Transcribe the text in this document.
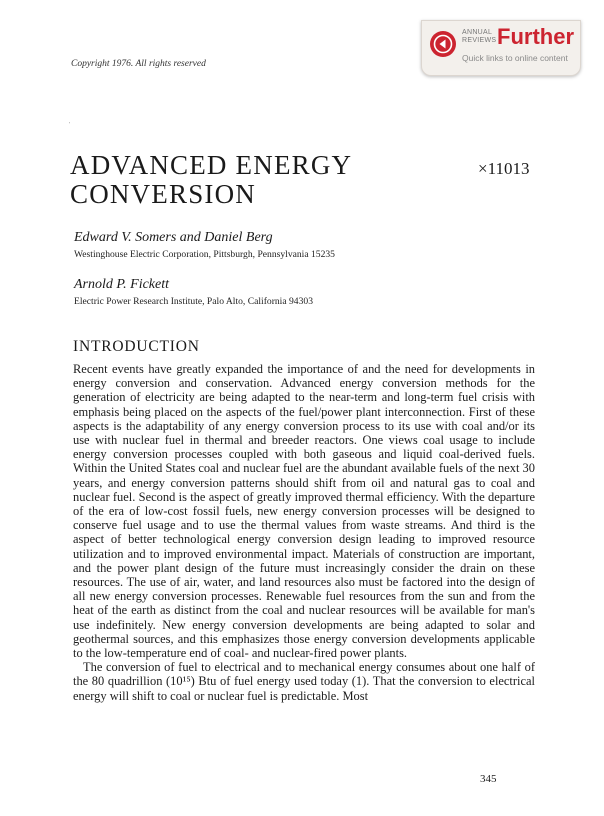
ANNUAL REVIEWS Further
Quick links to online content
Copyright 1976. All rights reserved
'
ADVANCED ENERGY CONVERSION
×11013
Edward V. Somers and Daniel Berg
Westinghouse Electric Corporation, Pittsburgh, Pennsylvania 15235
Arnold P. Fickett
Electric Power Research Institute, Palo Alto, California 94303
INTRODUCTION

Recent events have greatly expanded the importance of and the need for developments in energy conversion and conservation. Advanced energy conversion methods for the generation of electricity are being adapted to the near-term and long-term fuel crisis with emphasis being placed on the aspects of the fuel/power plant interconnection. First of these aspects is the adaptability of any energy conversion process to its use with coal and/or its use with nuclear fuel in thermal and breeder reactors. One views coal usage to include energy conversion processes coupled with both gaseous and liquid coal-derived fuels. Within the United States coal and nuclear fuel are the abundant available fuels of the next 30 years, and energy conversion patterns should shift from oil and natural gas to coal and nuclear fuel. Second is the aspect of greatly improved thermal efficiency. With the departure of the era of low-cost fossil fuels, new energy conversion processes will be designed to conserve fuel usage and to use the thermal values from waste streams. And third is the aspect of better technological energy conversion design leading to improved resource utilization and to improved environmental impact. Materials of construction are important, and the power plant design of the future must increasingly consider the drain on these resources. The use of air, water, and land resources also must be factored into the design of all new energy conversion processes. Renewable fuel resources from the sun and from the heat of the earth as distinct from the coal and nuclear resources will be available for man's use indefinitely. New energy conversion developments are being adapted to solar and geothermal sources, and this emphasizes those energy conversion developments applicable to the low-temperature end of coal- and nuclear-fired power plants.

The conversion of fuel to electrical and to mechanical energy consumes about one half of the 80 quadrillion (10¹⁵) Btu of fuel energy used today (1). That the conversion to electrical energy will shift to coal or nuclear fuel is predictable. Most

345
